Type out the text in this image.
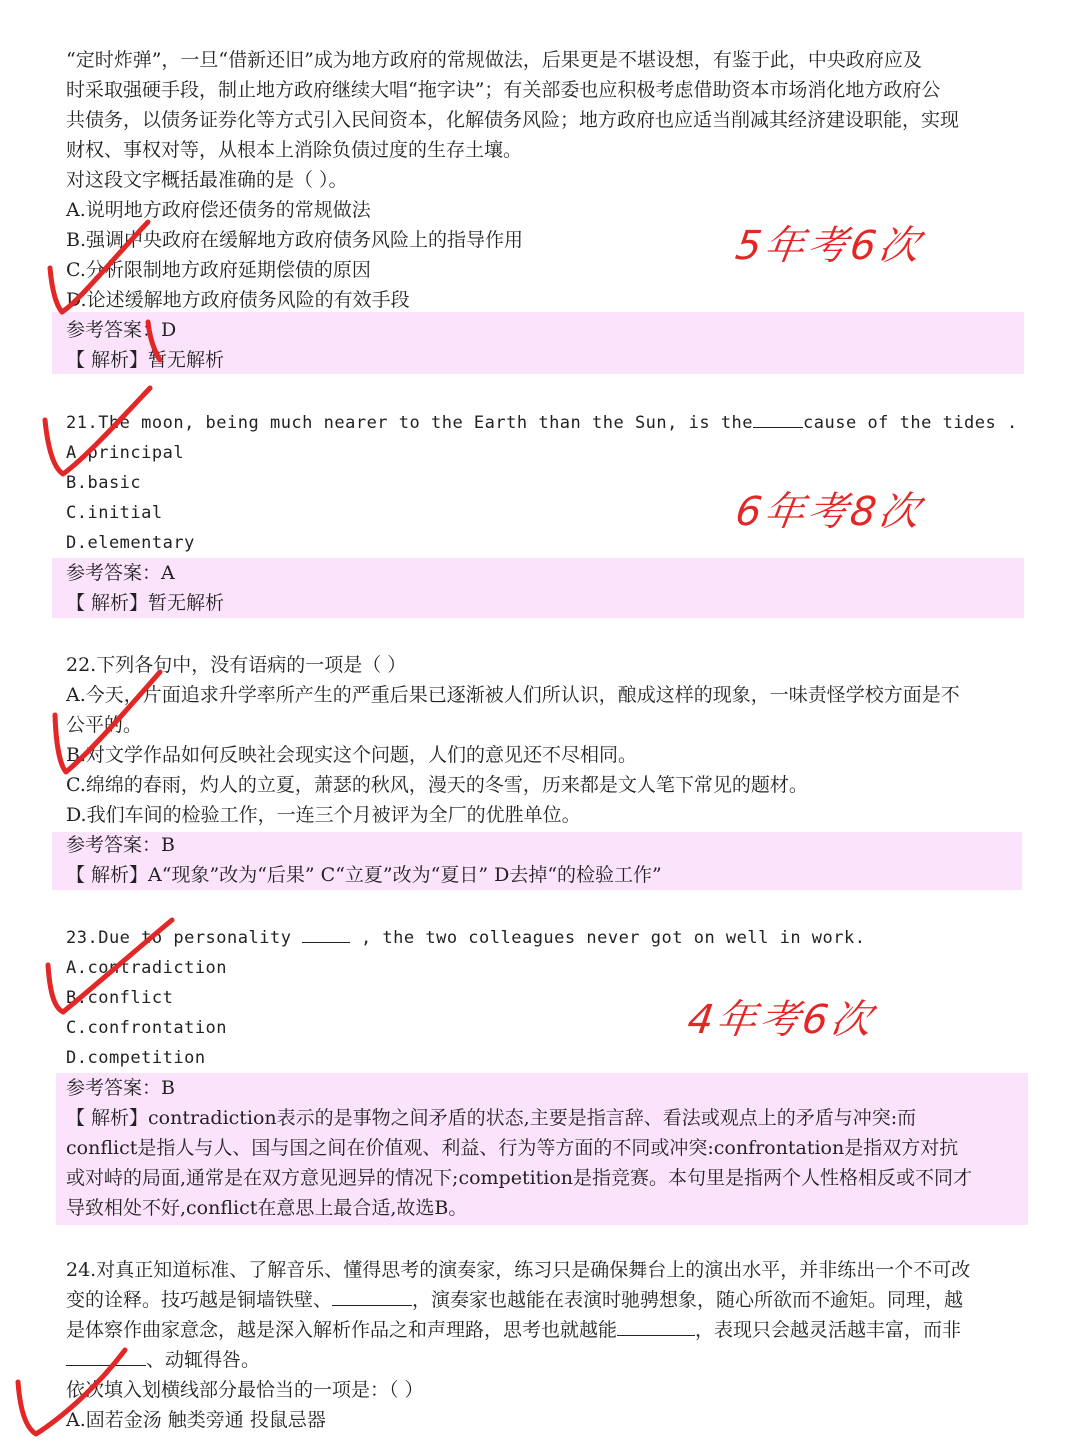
“定时炸弹”，一旦“借新还旧”成为地方政府的常规做法，后果更是不堪设想，有鉴于此，中央政府应及
时采取强硬手段，制止地方政府继续大唱“拖字诀”；有关部委也应积极考虑借助资本市场消化地方政府公
共债务，以债务证券化等方式引入民间资本，化解债务风险；地方政府也应适当削减其经济建设职能，实现
财权、事权对等，从根本上消除负债过度的生存土壤。
对这段文字概括最准确的是（ ）。
A.说明地方政府偿还债务的常规做法
B.强调中央政府在缓解地方政府债务风险上的指导作用
C.分析限制地方政府延期偿债的原因
D.论述缓解地方政府债务风险的有效手段
参考答案：D
【 解析】暂无解析
5年考6次
21.The moon, being much nearer to the Earth than the Sun, is the	cause of the tides .
A.principal
B.basic
C.initial
D.elementary
参考答案：A
【 解析】暂无解析
6年考8次
22.下列各句中，没有语病的一项是（ ）
A.今天，片面追求升学率所产生的严重后果已逐渐被人们所认识，酿成这样的现象，一味责怪学校方面是不
公平的。
B.对文学作品如何反映社会现实这个问题，人们的意见还不尽相同。
C.绵绵的春雨，灼人的立夏，萧瑟的秋风，漫天的冬雪，历来都是文人笔下常见的题材。
D.我们车间的检验工作，一连三个月被评为全厂的优胜单位。
参考答案：B
【 解析】A“现象”改为“后果” C“立夏”改为“夏日” D去掉“的检验工作”
23.Due to personality	, the two colleagues never got on well in work.
A.contradiction
B.conflict
C.confrontation
D.competition
参考答案：B
【 解析】contradiction表示的是事物之间矛盾的状态,主要是指言辞、看法或观点上的矛盾与冲突:而
conflict是指人与人、国与国之间在价值观、利益、行为等方面的不同或冲突:confrontation是指双方对抗
或对峙的局面,通常是在双方意见迥异的情况下;competition是指竞赛。本句里是指两个人性格相反或不同才
导致相处不好,conflict在意思上最合适,故选B。
4年考6次
24.对真正知道标准、了解音乐、懂得思考的演奏家，练习只是确保舞台上的演出水平，并非练出一个不可改
变的诠释。技巧越是铜墙铁壁、	，演奏家也越能在表演时驰骋想象，随心所欲而不逾矩。同理，越
是体察作曲家意念，越是深入解析作品之和声理路，思考也就越能	，表现只会越灵活越丰富，而非
、动辄得咎。
依次填入划横线部分最恰当的一项是：（ ）
A.固若金汤 触类旁通 投鼠忌器
